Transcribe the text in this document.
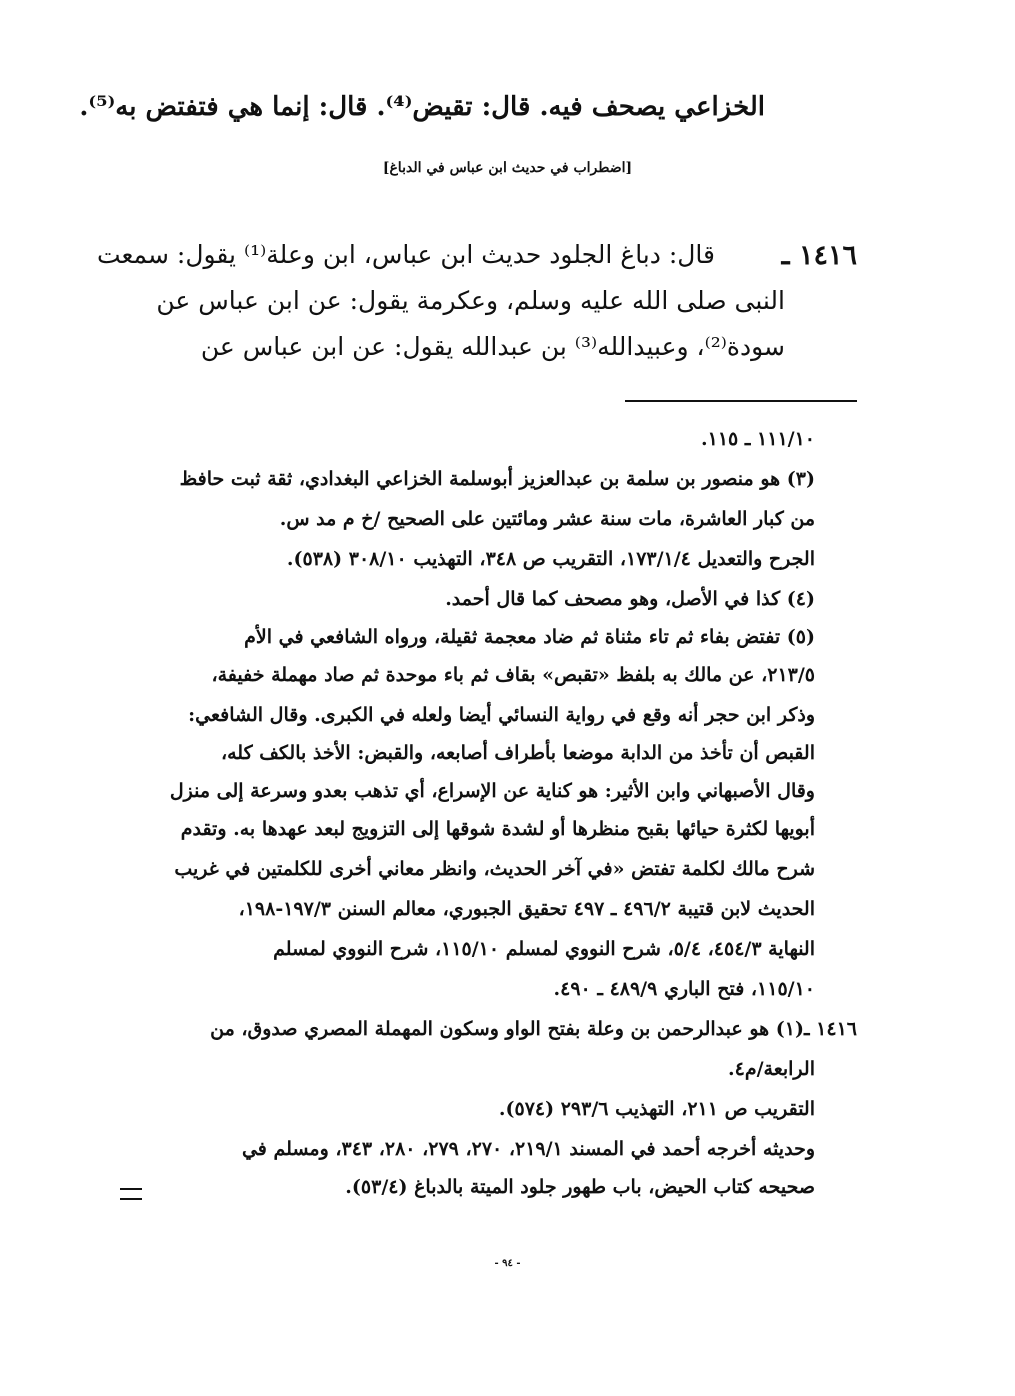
الخزاعي يصحف فيه. قال: تقيض⁽⁴⁾. قال: إنما هي فتفتض به⁽⁵⁾.
[اضطراب في حديث ابن عباس في الدباغ]
١٤١٦ ـ
قال: دباغ الجلود حديث ابن عباس، ابن وعلة⁽¹⁾ يقول: سمعت
النبى صلى الله عليه وسلم، وعكرمة يقول: عن ابن عباس عن
سودة⁽²⁾، وعبيدالله⁽³⁾ بن عبدالله يقول: عن ابن عباس عن
١١١/١٠ ـ ١١٥.
(٣) هو منصور بن سلمة بن عبدالعزيز أبوسلمة الخزاعي البغدادي، ثقة ثبت حافظ
من كبار العاشرة، مات سنة عشر ومائتين على الصحيح /خ م مد س.
الجرح والتعديل ١٧٣/١/٤، التقريب ص ٣٤٨، التهذيب ٣٠٨/١٠ (٥٣٨).
(٤) كذا في الأصل، وهو مصحف كما قال أحمد.
(٥) تفتض بفاء ثم تاء مثناة ثم ضاد معجمة ثقيلة، ورواه الشافعي في الأم
٢١٣/٥، عن مالك به بلفظ «تقبص» بقاف ثم باء موحدة ثم صاد مهملة خفيفة،
وذكر ابن حجر أنه وقع في رواية النسائي أيضا ولعله في الكبرى. وقال الشافعي:
القبص أن تأخذ من الدابة موضعا بأطراف أصابعه، والقبض: الأخذ بالكف كله،
وقال الأصبهاني وابن الأثير: هو كناية عن الإسراع، أي تذهب بعدو وسرعة إلى منزل
أبويها لكثرة حيائها بقبح منظرها أو لشدة شوقها إلى التزويج لبعد عهدها به. وتقدم
شرح مالك لكلمة تفتض «في آخر الحديث، وانظر معاني أخرى للكلمتين في غريب
الحديث لابن قتيبة ٤٩٦/٢ ـ ٤٩٧ تحقيق الجبوري، معالم السنن ١٩٧/٣-١٩٨،
النهاية ٤٥٤/٣، ٥/٤، شرح النووي لمسلم ١١٥/١٠، شرح النووي لمسلم
١١٥/١٠، فتح الباري ٤٨٩/٩ ـ ٤٩٠.
١٤١٦ ـ(١) هو عبدالرحمن بن وعلة بفتح الواو وسكون المهملة المصري صدوق، من
الرابعة/م٤.
التقريب ص ٢١١، التهذيب ٢٩٣/٦ (٥٧٤).
وحديثه أخرجه أحمد في المسند ٢١٩/١، ٢٧٠، ٢٧٩، ٢٨٠، ٣٤٣، ومسلم في
صحيحه كتاب الحيض، باب طهور جلود الميتة بالدباغ (٥٣/٤).
- ٩٤ -
